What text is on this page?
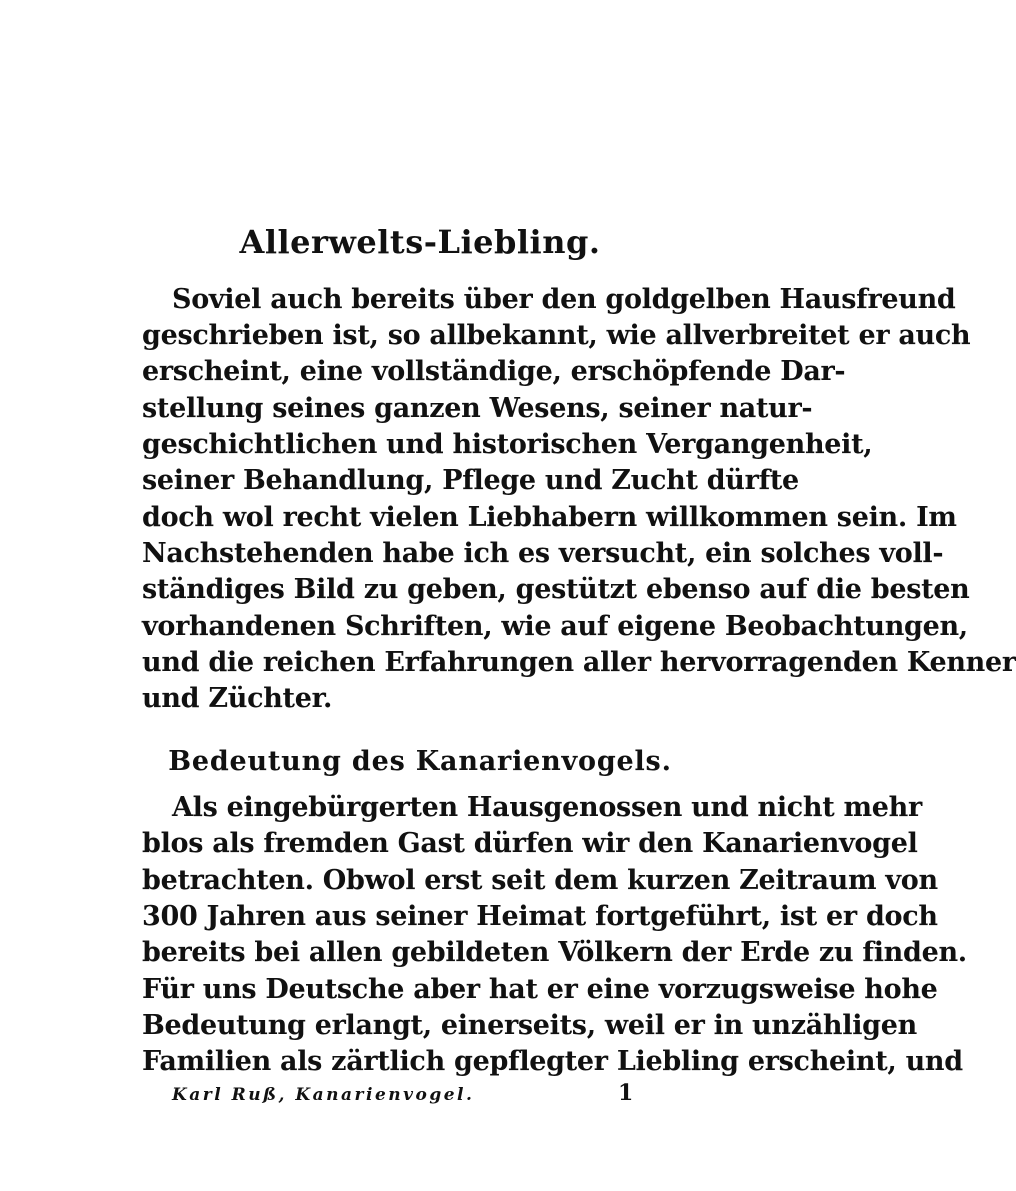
Allerwelts-Liebling.
Soviel auch bereits über den goldgelben Hausfreund
geschrieben ist, so allbekannt, wie allverbreitet er auch
erscheint, eine vollständige, erschöpfende Dar-
stellung seines ganzen Wesens, seiner natur-
geschichtlichen und historischen Vergangenheit,
seiner Behandlung, Pflege und Zucht dürfte
doch wol recht vielen Liebhabern willkommen sein. Im
Nachstehenden habe ich es versucht, ein solches voll-
ständiges Bild zu geben, gestützt ebenso auf die besten
vorhandenen Schriften, wie auf eigene Beobachtungen,
und die reichen Erfahrungen aller hervorragenden Kenner
und Züchter.
Bedeutung des Kanarienvogels.
Als eingebürgerten Hausgenossen und nicht mehr
blos als fremden Gast dürfen wir den Kanarienvogel
betrachten. Obwol erst seit dem kurzen Zeitraum von
300 Jahren aus seiner Heimat fortgeführt, ist er doch
bereits bei allen gebildeten Völkern der Erde zu finden.
Für uns Deutsche aber hat er eine vorzugsweise hohe
Bedeutung erlangt, einerseits, weil er in unzähligen
Familien als zärtlich gepflegter Liebling erscheint, und
Karl Ruß, Kanarienvogel.	1
